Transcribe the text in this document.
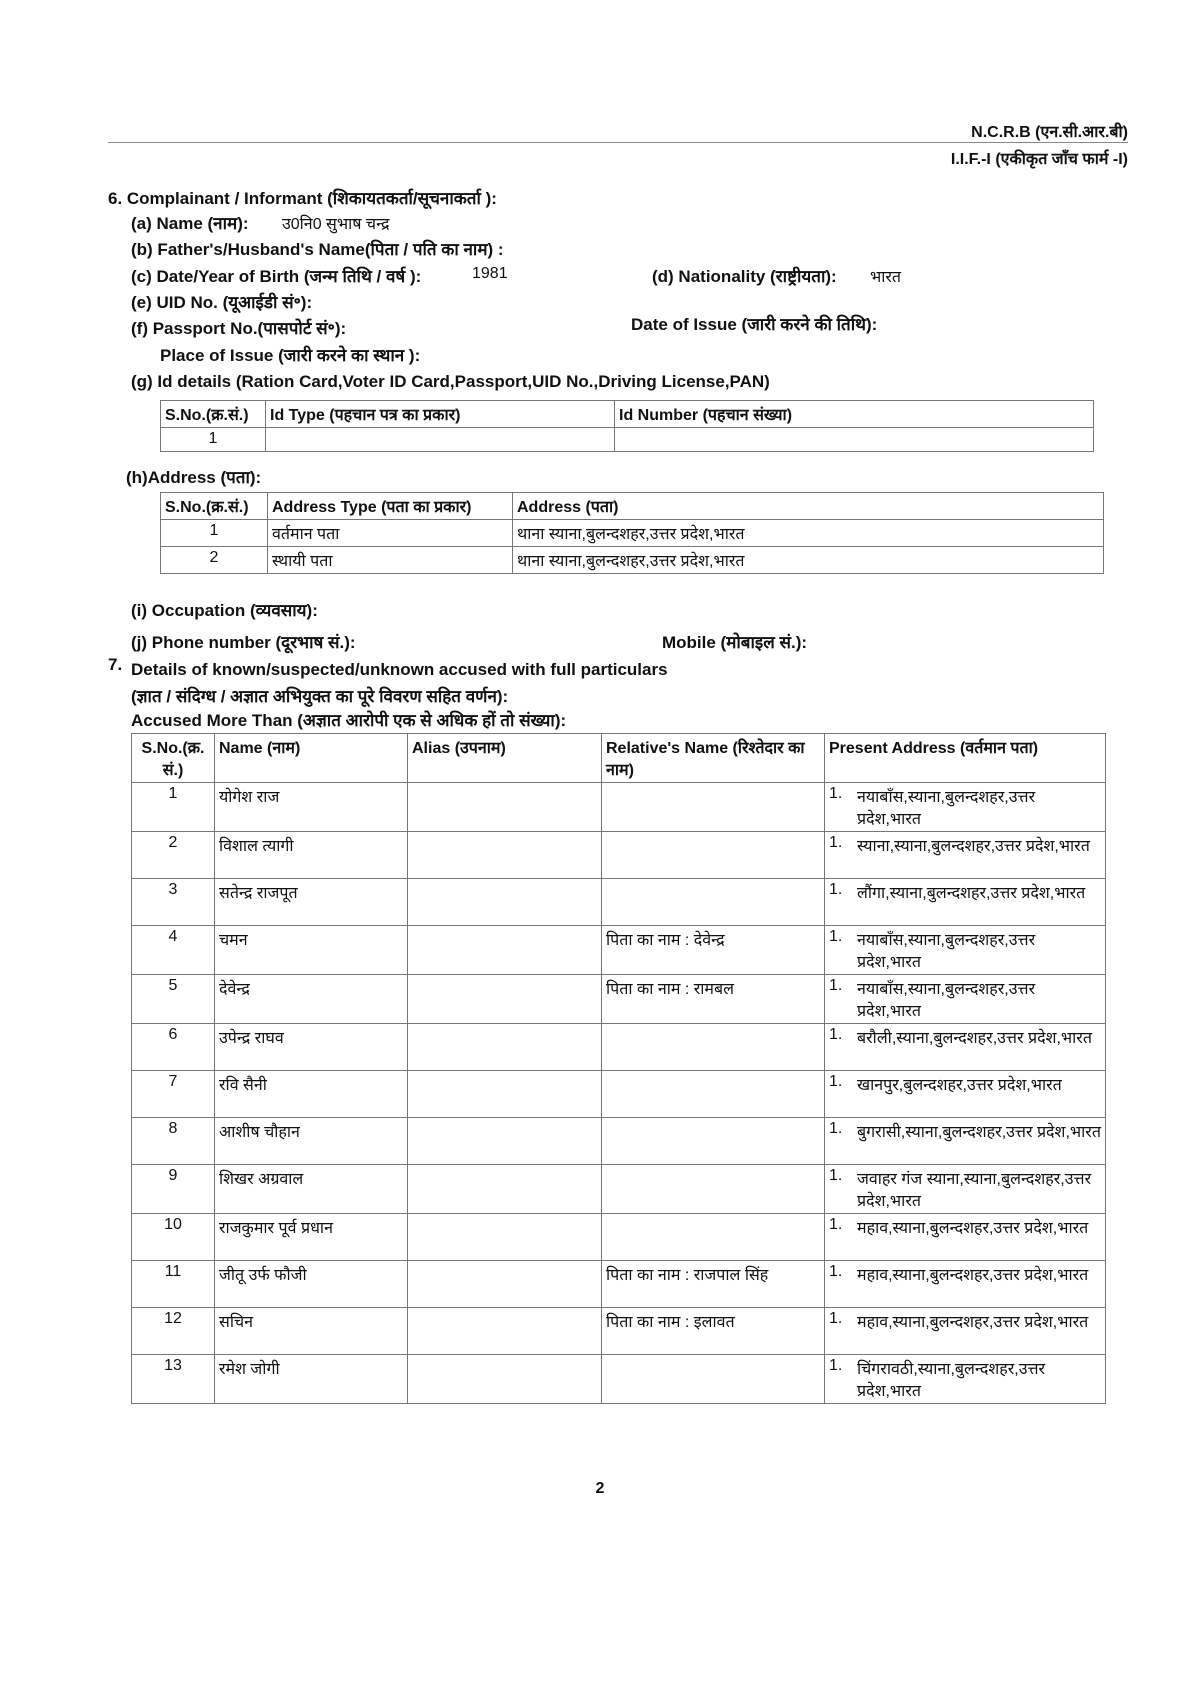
N.C.R.B (एन.सी.आर.बी)
I.I.F.-I (एकीकृत जाँच फार्म -I)
6. Complainant / Informant (शिकायतकर्ता/सूचनाकर्ता ):
(a) Name (नाम): उ0नि0 सुभाष चन्द्र
(b) Father's/Husband's Name(पिता / पति का नाम) :
(c) Date/Year of Birth (जन्म तिथि / वर्ष ):	1981	(d) Nationality (राष्ट्रीयता): भारत
(e) UID No. (यूआईडी सं॰):
(f) Passport No.(पासपोर्ट सं॰):	Date of Issue (जारी करने की तिथि):
Place of Issue (जारी करने का स्थान ):
(g) Id details (Ration Card,Voter ID Card,Passport,UID No.,Driving License,PAN)
S.No.(क्र.सं.)	Id Type (पहचान पत्र का प्रकार)	Id Number (पहचान संख्या)
1		
(h)Address (पता):
S.No.(क्र.सं.)	Address Type (पता का प्रकार)	Address (पता)
1	वर्तमान पता	थाना स्याना,बुलन्दशहर,उत्तर प्रदेश,भारत
2	स्थायी पता	थाना स्याना,बुलन्दशहर,उत्तर प्रदेश,भारत
(i) Occupation (व्यवसाय):
(j) Phone number (दूरभाष सं.):	Mobile (मोबाइल सं.):
7. Details of known/suspected/unknown accused with full particulars
(ज्ञात / संदिग्ध / अज्ञात अभियुक्त का पूरे विवरण सहित वर्णन):
Accused More Than (अज्ञात आरोपी एक से अधिक हों तो संख्या):
S.No.(क्र. सं.)	Name (नाम)	Alias (उपनाम)	Relative's Name (रिश्तेदार का नाम)	Present Address (वर्तमान पता)
1	योगेश राज			1. नयाबाँस,स्याना,बुलन्दशहर,उत्तर प्रदेश,भारत

2	विशाल त्यागी			1. स्याना,स्याना,बुलन्दशहर,उत्तर प्रदेश,भारत

3	सतेन्द्र राजपूत			1. लौंगा,स्याना,बुलन्दशहर,उत्तर प्रदेश,भारत

4	चमन		पिता का नाम : देवेन्द्र	1. नयाबाँस,स्याना,बुलन्दशहर,उत्तर प्रदेश,भारत

5	देवेन्द्र		पिता का नाम : रामबल	1. नयाबाँस,स्याना,बुलन्दशहर,उत्तर प्रदेश,भारत

6	उपेन्द्र राघव			1. बरौली,स्याना,बुलन्दशहर,उत्तर प्रदेश,भारत

7	रवि सैनी			1. खानपुर,बुलन्दशहर,उत्तर प्रदेश,भारत

8	आशीष चौहान			1. बुगरासी,स्याना,बुलन्दशहर,उत्तर प्रदेश,भारत

9	शिखर अग्रवाल			1. जवाहर गंज स्याना,स्याना,बुलन्दशहर,उत्तर प्रदेश,भारत

10	राजकुमार पूर्व प्रधान			1. महाव,स्याना,बुलन्दशहर,उत्तर प्रदेश,भारत

11	जीतू उर्फ फौजी		पिता का नाम : राजपाल सिंह	1. महाव,स्याना,बुलन्दशहर,उत्तर प्रदेश,भारत

12	सचिन		पिता का नाम : इलावत	1. महाव,स्याना,बुलन्दशहर,उत्तर प्रदेश,भारत

13	रमेश जोगी			1. चिंगरावठी,स्याना,बुलन्दशहर,उत्तर प्रदेश,भारत
2
